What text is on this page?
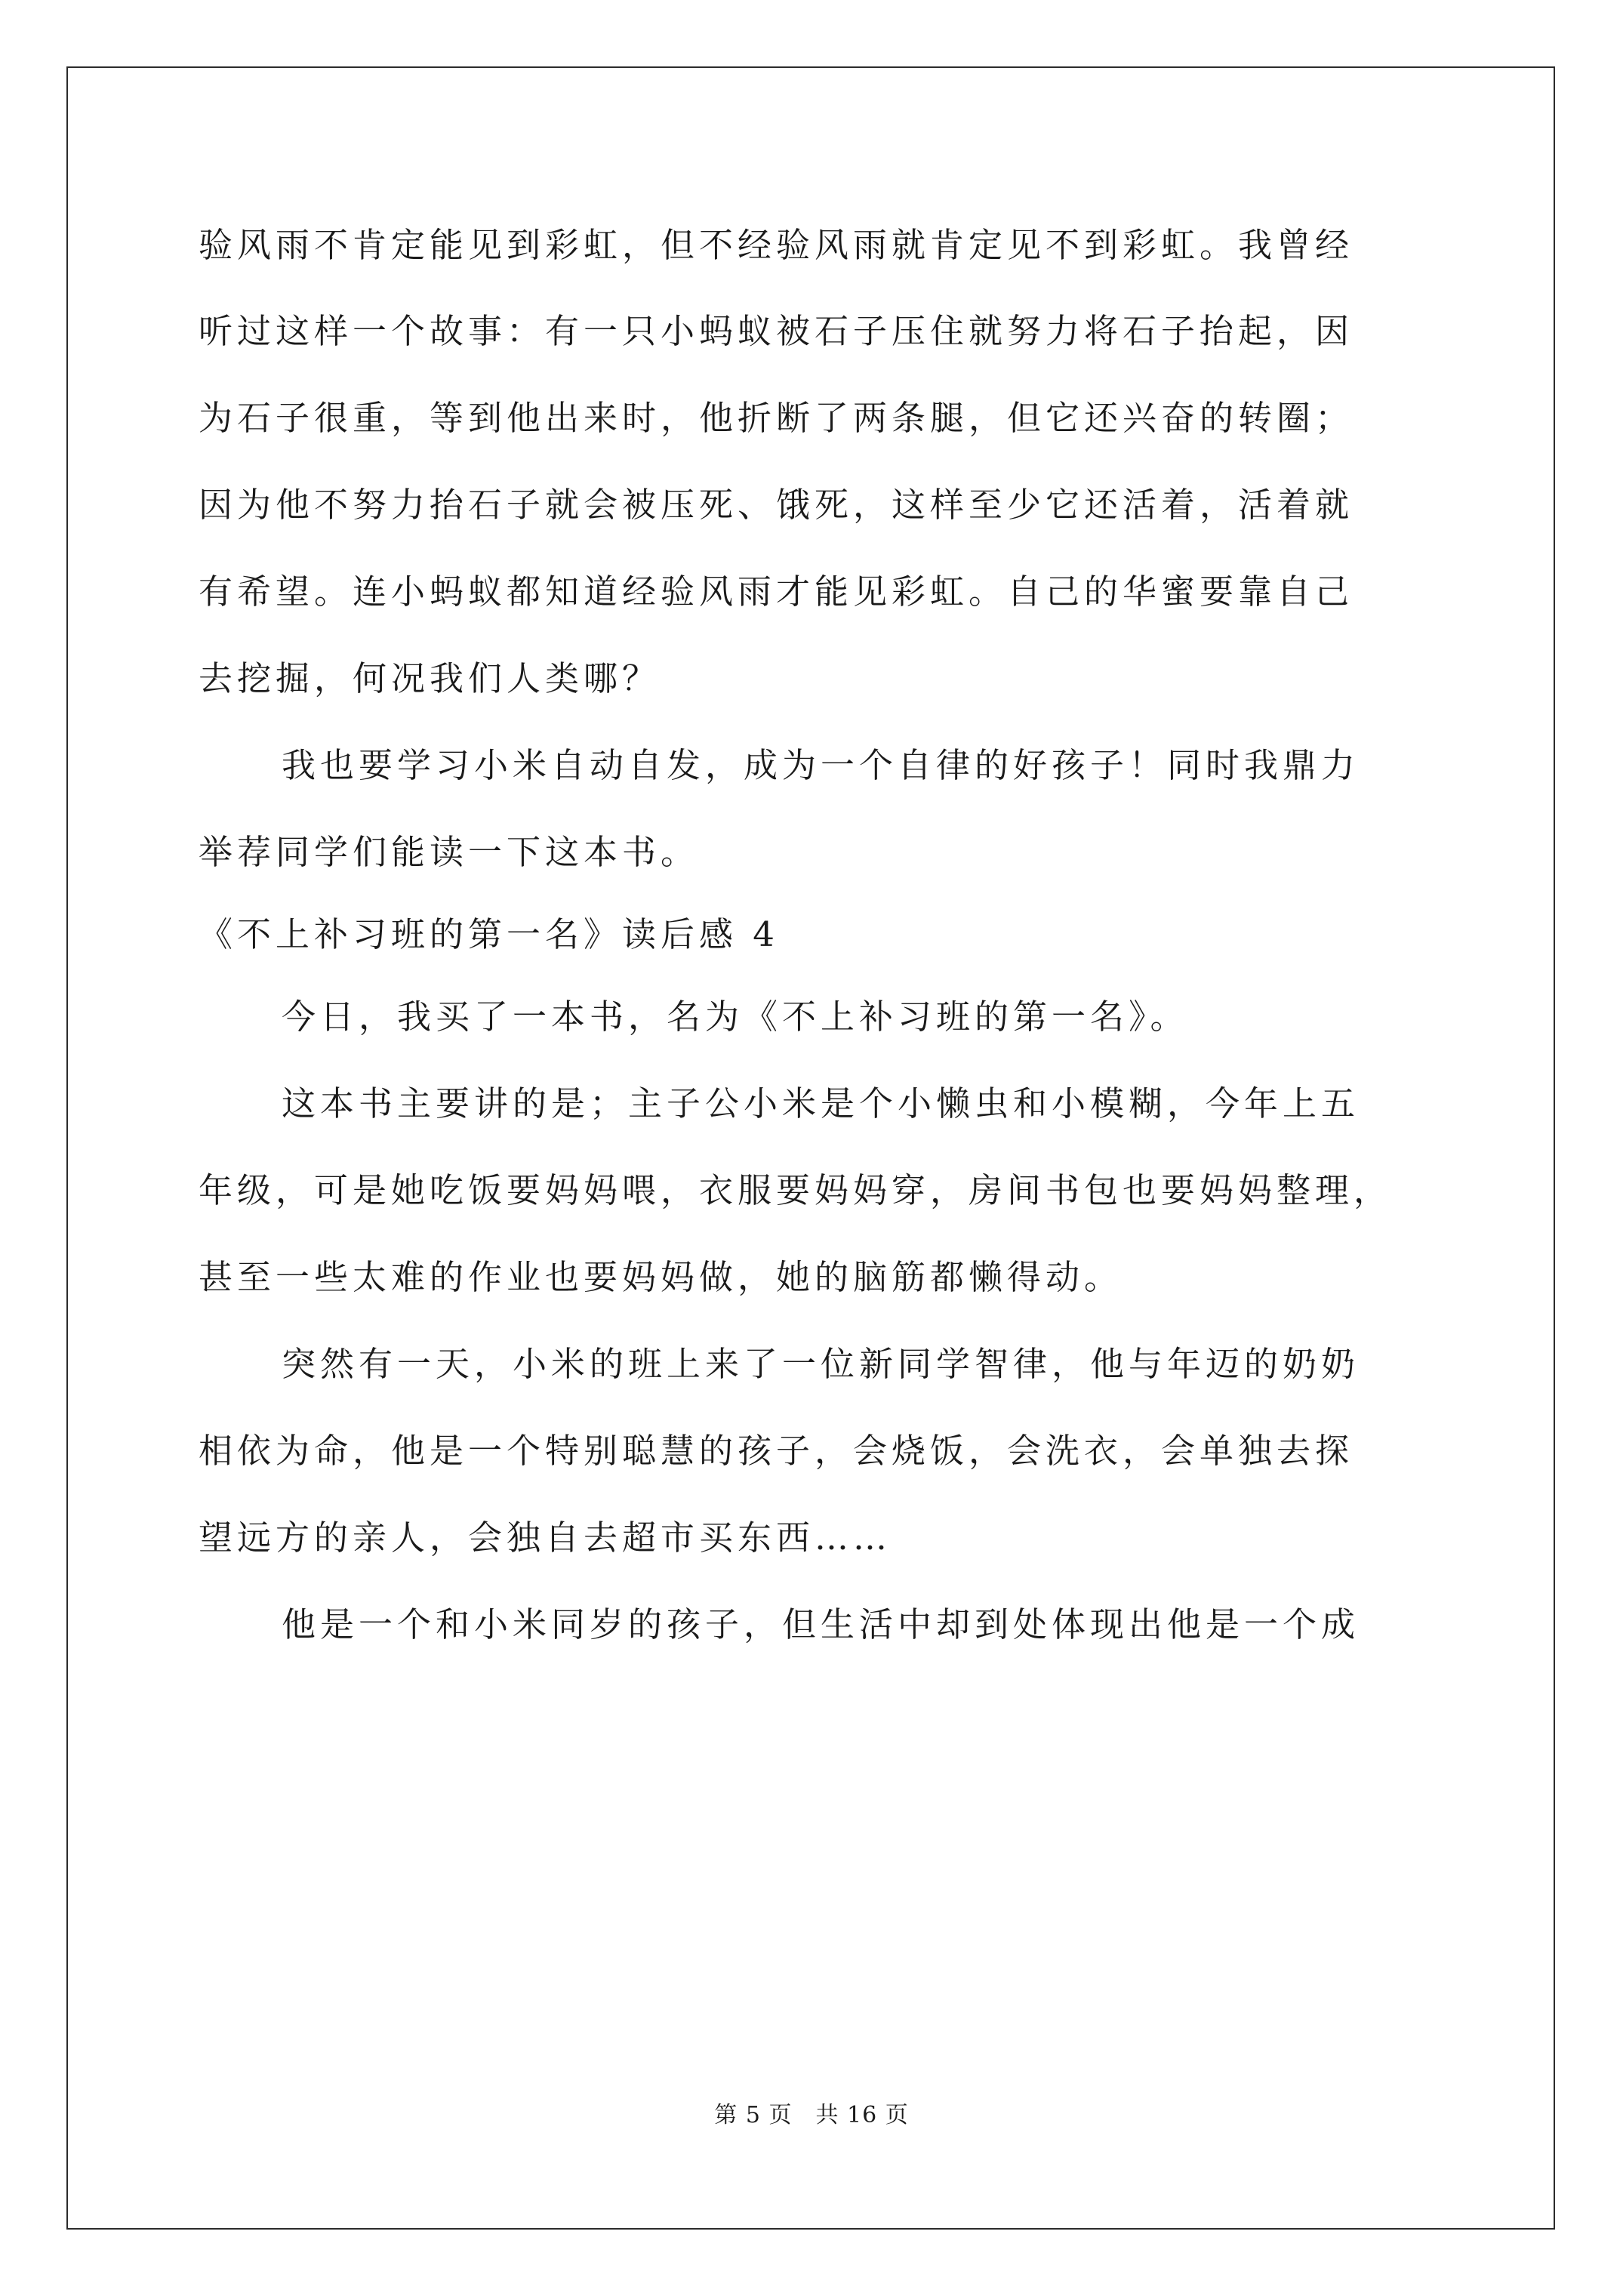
验风雨不肯定能见到彩虹，但不经验风雨就肯定见不到彩虹。我曾经
听过这样一个故事：有一只小蚂蚁被石子压住就努力将石子抬起，因
为石子很重，等到他出来时，他折断了两条腿，但它还兴奋的转圈；
因为他不努力抬石子就会被压死、饿死，这样至少它还活着，活着就
有希望。连小蚂蚁都知道经验风雨才能见彩虹。自己的华蜜要靠自己
去挖掘，何况我们人类哪？
我也要学习小米自动自发，成为一个自律的好孩子！同时我鼎力
举荐同学们能读一下这本书。
《不上补习班的第一名》读后感 4
今日，我买了一本书，名为《不上补习班的第一名》。
这本书主要讲的是；主子公小米是个小懒虫和小模糊，今年上五
年级，可是她吃饭要妈妈喂，衣服要妈妈穿，房间书包也要妈妈整理，
甚至一些太难的作业也要妈妈做，她的脑筋都懒得动。
突然有一天，小米的班上来了一位新同学智律，他与年迈的奶奶
相依为命，他是一个特别聪慧的孩子，会烧饭，会洗衣，会单独去探
望远方的亲人，会独自去超市买东西……
他是一个和小米同岁的孩子，但生活中却到处体现出他是一个成
第 5 页　共 16 页
